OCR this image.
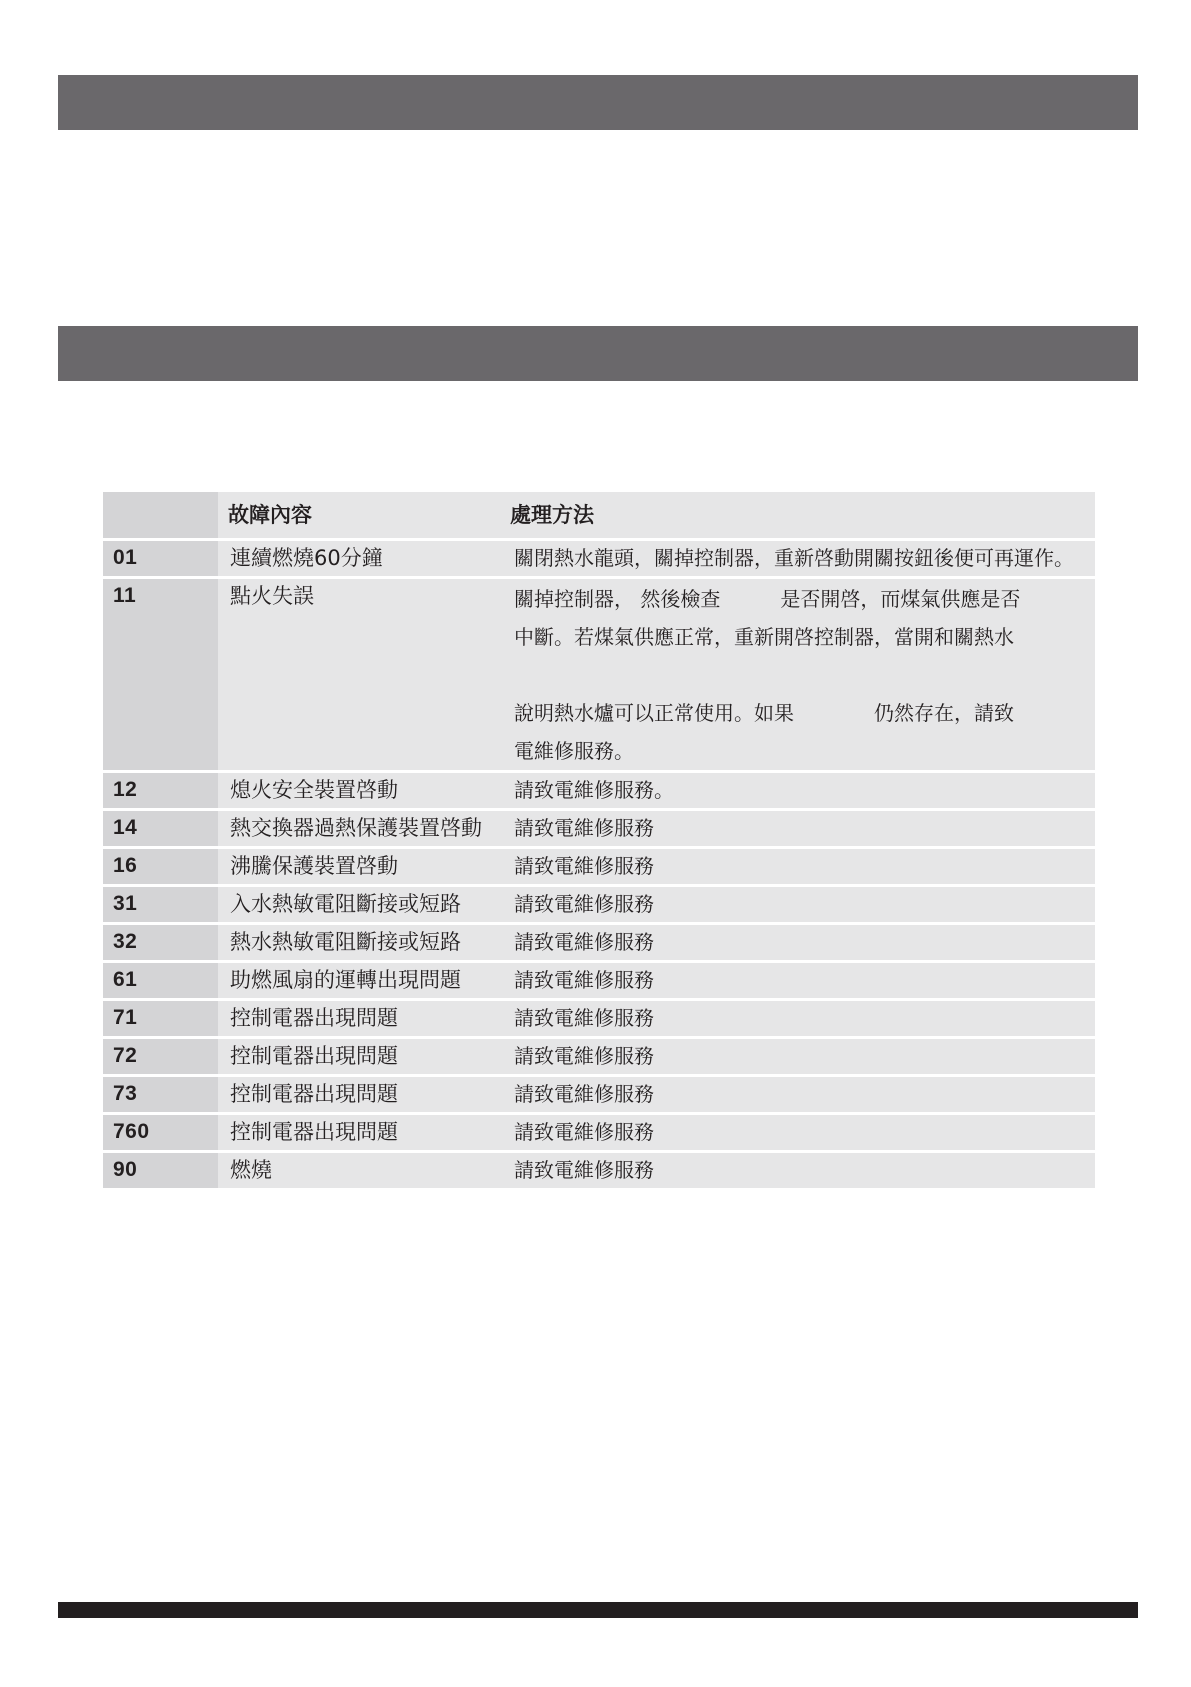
	故障內容	處理方法
01	連續燃燒60分鐘	關閉熱水龍頭，關掉控制器，重新啓動開關按鈕後便可再運作。

11	點火失誤	關掉控制器， 然後檢查　　　是否開啓，而煤氣供應是否
中斷。若煤氣供應正常，重新開啓控制器，當開和關熱水
說明熱水爐可以正常使用。如果　　　　仍然存在，請致
電維修服務。

12	熄火安全裝置啓動	請致電維修服務。

14	熱交換器過熱保護裝置啓動	請致電維修服務

16	沸騰保護裝置啓動	請致電維修服務

31	入水熱敏電阻斷接或短路	請致電維修服務

32	熱水熱敏電阻斷接或短路	請致電維修服務

61	助燃風扇的運轉出現問題	請致電維修服務

71	控制電器出現問題	請致電維修服務

72	控制電器出現問題	請致電維修服務

73	控制電器出現問題	請致電維修服務

760	控制電器出現問題	請致電維修服務

90	燃燒	請致電維修服務
